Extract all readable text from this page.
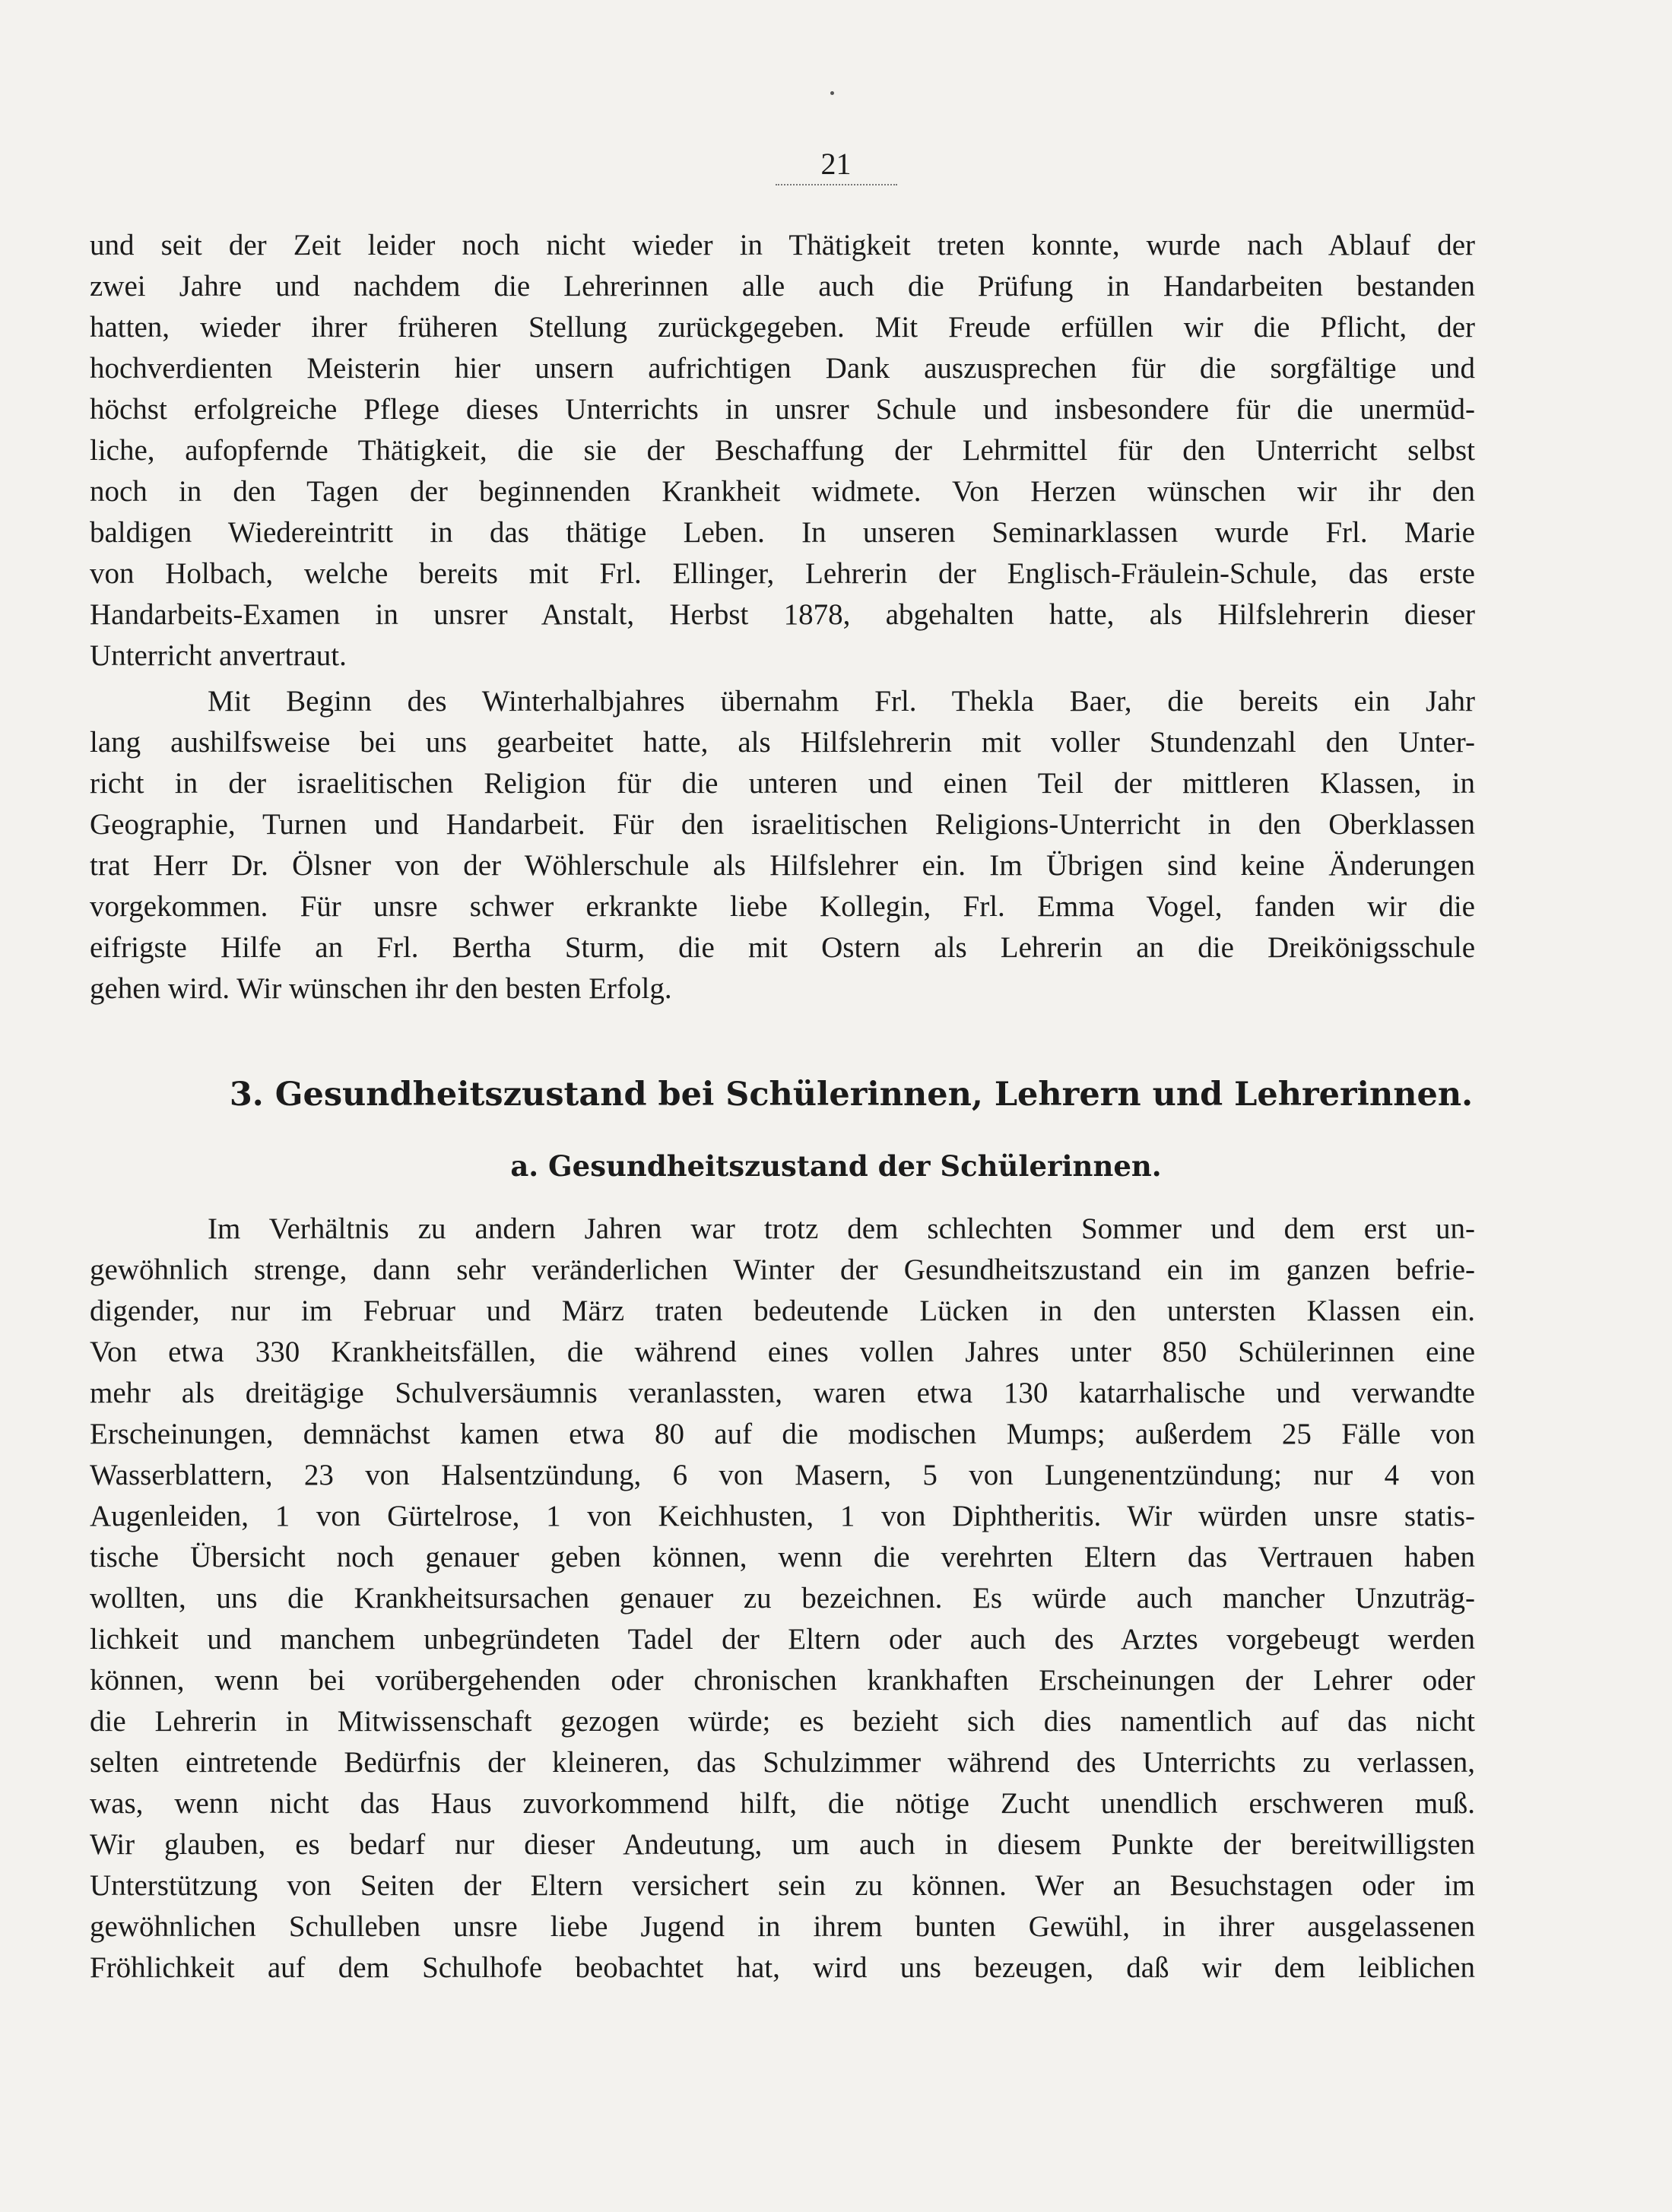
21
und seit der Zeit leider noch nicht wieder in Thätigkeit treten konnte, wurde nach Ablauf der
zwei Jahre und nachdem die Lehrerinnen alle auch die Prüfung in Handarbeiten bestanden
hatten, wieder ihrer früheren Stellung zurückgegeben. Mit Freude erfüllen wir die Pflicht, der
hochverdienten Meisterin hier unsern aufrichtigen Dank auszusprechen für die sorgfältige und
höchst erfolgreiche Pflege dieses Unterrichts in unsrer Schule und insbesondere für die unermüd-
liche, aufopfernde Thätigkeit, die sie der Beschaffung der Lehrmittel für den Unterricht selbst
noch in den Tagen der beginnenden Krankheit widmete. Von Herzen wünschen wir ihr den
baldigen Wiedereintritt in das thätige Leben. In unseren Seminarklassen wurde Frl. Marie
von Holbach, welche bereits mit Frl. Ellinger, Lehrerin der Englisch-Fräulein-Schule, das erste
Handarbeits-Examen in unsrer Anstalt, Herbst 1878, abgehalten hatte, als Hilfslehrerin dieser
Unterricht anvertraut.
Mit Beginn des Winterhalbjahres übernahm Frl. Thekla Baer, die bereits ein Jahr
lang aushilfsweise bei uns gearbeitet hatte, als Hilfslehrerin mit voller Stundenzahl den Unter-
richt in der israelitischen Religion für die unteren und einen Teil der mittleren Klassen, in
Geographie, Turnen und Handarbeit. Für den israelitischen Religions-Unterricht in den Oberklassen
trat Herr Dr. Ölsner von der Wöhlerschule als Hilfslehrer ein. Im Übrigen sind keine Änderungen
vorgekommen. Für unsre schwer erkrankte liebe Kollegin, Frl. Emma Vogel, fanden wir die
eifrigste Hilfe an Frl. Bertha Sturm, die mit Ostern als Lehrerin an die Dreikönigsschule
gehen wird. Wir wünschen ihr den besten Erfolg.
3. Gesundheitszustand bei Schülerinnen, Lehrern und Lehrerinnen.
a. Gesundheitszustand der Schülerinnen.
Im Verhältnis zu andern Jahren war trotz dem schlechten Sommer und dem erst un-
gewöhnlich strenge, dann sehr veränderlichen Winter der Gesundheitszustand ein im ganzen befrie-
digender, nur im Februar und März traten bedeutende Lücken in den untersten Klassen ein.
Von etwa 330 Krankheitsfällen, die während eines vollen Jahres unter 850 Schülerinnen eine
mehr als dreitägige Schulversäumnis veranlassten, waren etwa 130 katarrhalische und verwandte
Erscheinungen, demnächst kamen etwa 80 auf die modischen Mumps; außerdem 25 Fälle von
Wasserblattern, 23 von Halsentzündung, 6 von Masern, 5 von Lungenentzündung; nur 4 von
Augenleiden, 1 von Gürtelrose, 1 von Keichhusten, 1 von Diphtheritis. Wir würden unsre statis-
tische Übersicht noch genauer geben können, wenn die verehrten Eltern das Vertrauen haben
wollten, uns die Krankheitsursachen genauer zu bezeichnen. Es würde auch mancher Unzuträg-
lichkeit und manchem unbegründeten Tadel der Eltern oder auch des Arztes vorgebeugt werden
können, wenn bei vorübergehenden oder chronischen krankhaften Erscheinungen der Lehrer oder
die Lehrerin in Mitwissenschaft gezogen würde; es bezieht sich dies namentlich auf das nicht
selten eintretende Bedürfnis der kleineren, das Schulzimmer während des Unterrichts zu verlassen,
was, wenn nicht das Haus zuvorkommend hilft, die nötige Zucht unendlich erschweren muß.
Wir glauben, es bedarf nur dieser Andeutung, um auch in diesem Punkte der bereitwilligsten
Unterstützung von Seiten der Eltern versichert sein zu können. Wer an Besuchstagen oder im
gewöhnlichen Schulleben unsre liebe Jugend in ihrem bunten Gewühl, in ihrer ausgelassenen
Fröhlichkeit auf dem Schulhofe beobachtet hat, wird uns bezeugen, daß wir dem leiblichen
